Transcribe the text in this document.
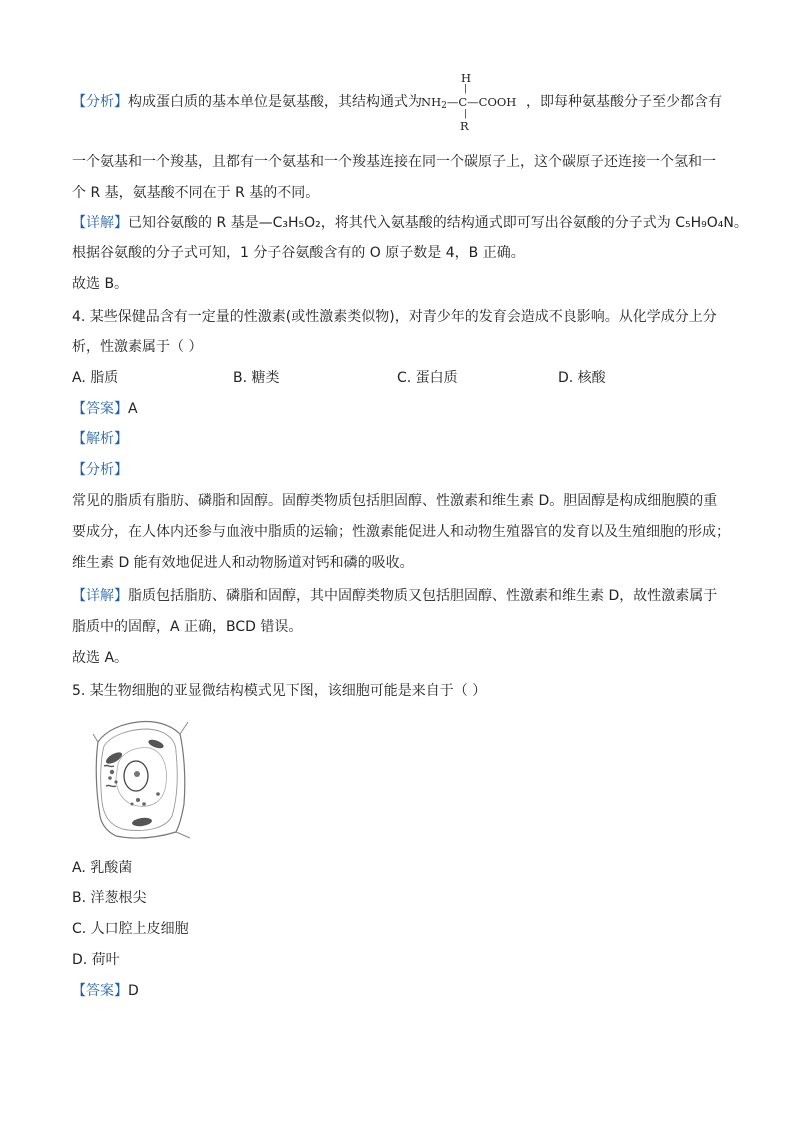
【分析】构成蛋白质的基本单位是氨基酸，其结构通式为
H
|
$NH_2—C—COOH$
|
R
，即每种氨基酸分子至少都含有
一个氨基和一个羧基，且都有一个氨基和一个羧基连接在同一个碳原子上，这个碳原子还连接一个氢和一
个 R 基，氨基酸不同在于 R 基的不同。
【详解】已知谷氨酸的 R 基是—C₃H₅O₂，将其代入氨基酸的结构通式即可写出谷氨酸的分子式为 C₅H₉O₄N。
根据谷氨酸的分子式可知，1 分子谷氨酸含有的 O 原子数是 4，B 正确。
故选 B。
4. 某些保健品含有一定量的性激素(或性激素类似物)，对青少年的发育会造成不良影响。从化学成分上分
析，性激素属于（ ）
A. 脂质	B. 糖类	C. 蛋白质	D. 核酸
【答案】A
【解析】
【分析】
常见的脂质有脂肪、磷脂和固醇。固醇类物质包括胆固醇、性激素和维生素 D。胆固醇是构成细胞膜的重
要成分，在人体内还参与血液中脂质的运输；性激素能促进人和动物生殖器官的发育以及生殖细胞的形成；
维生素 D 能有效地促进人和动物肠道对钙和磷的吸收。
【详解】脂质包括脂肪、磷脂和固醇，其中固醇类物质又包括胆固醇、性激素和维生素 D，故性激素属于
脂质中的固醇，A 正确，BCD 错误。
故选 A。
5. 某生物细胞的亚显微结构模式见下图，该细胞可能是来自于（ ）
A. 乳酸菌
B. 洋葱根尖
C. 人口腔上皮细胞
D. 荷叶
【答案】D
